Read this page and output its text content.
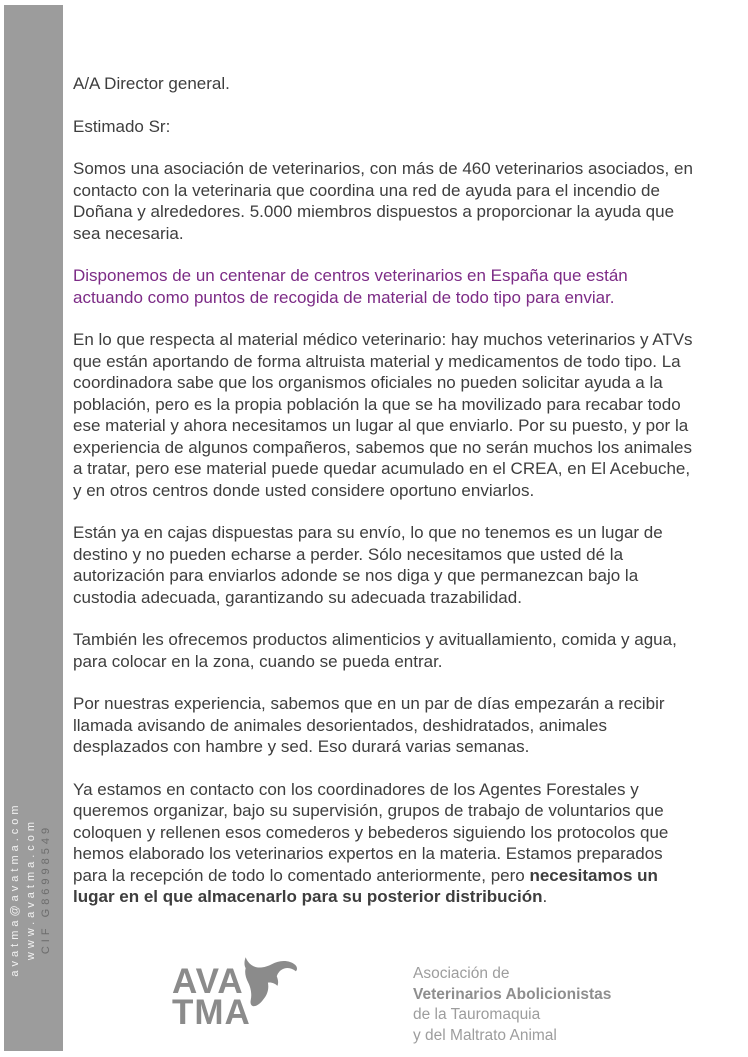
avatma@avatma.com www.avatma.com CIF G86998549

A/A Director general.

Estimado Sr:

Somos una asociación de veterinarios, con más de 460 veterinarios asociados, en contacto con la veterinaria que coordina una red de ayuda para el incendio de Doñana y alrededores. 5.000 miembros dispuestos a proporcionar la ayuda que sea necesaria.

Disponemos de un centenar de centros veterinarios en España que están actuando como puntos de recogida de material de todo tipo para enviar.

En lo que respecta al material médico veterinario: hay muchos veterinarios y ATVs que están aportando de forma altruista material y medicamentos de todo tipo. La coordinadora sabe que los organismos oficiales no pueden solicitar ayuda a la población, pero es la propia población la que se ha movilizado para recabar todo ese material y ahora necesitamos un lugar al que enviarlo. Por su puesto, y por la experiencia de algunos compañeros, sabemos que no serán muchos los animales a tratar, pero ese material puede quedar acumulado en el CREA, en El Acebuche, y en otros centros donde usted considere oportuno enviarlos.

Están ya en cajas dispuestas para su envío, lo que no tenemos es un lugar de destino y no pueden echarse a perder. Sólo necesitamos que usted dé la autorización para enviarlos adonde se nos diga y que permanezcan bajo la custodia adecuada, garantizando su adecuada trazabilidad.

También les ofrecemos productos alimenticios y avituallamiento, comida y agua, para colocar en la zona, cuando se pueda entrar.

Por nuestras experiencia, sabemos que en un par de días empezarán a recibir llamada avisando de animales desorientados, deshidratados, animales desplazados con hambre y sed. Eso durará varias semanas.

Ya estamos en contacto con los coordinadores de los Agentes Forestales y queremos organizar, bajo su supervisión, grupos de trabajo de voluntarios que coloquen y rellenen esos comederos y bebederos siguiendo los protocolos que hemos elaborado los veterinarios expertos en la materia. Estamos preparados para la recepción de todo lo comentado anteriormente, pero necesitamos un lugar en el que almacenarlo para su posterior distribución.

AVA
TMA
Asociación de
Veterinarios Abolicionistas
de la Tauromaquia
y del Maltrato Animal
